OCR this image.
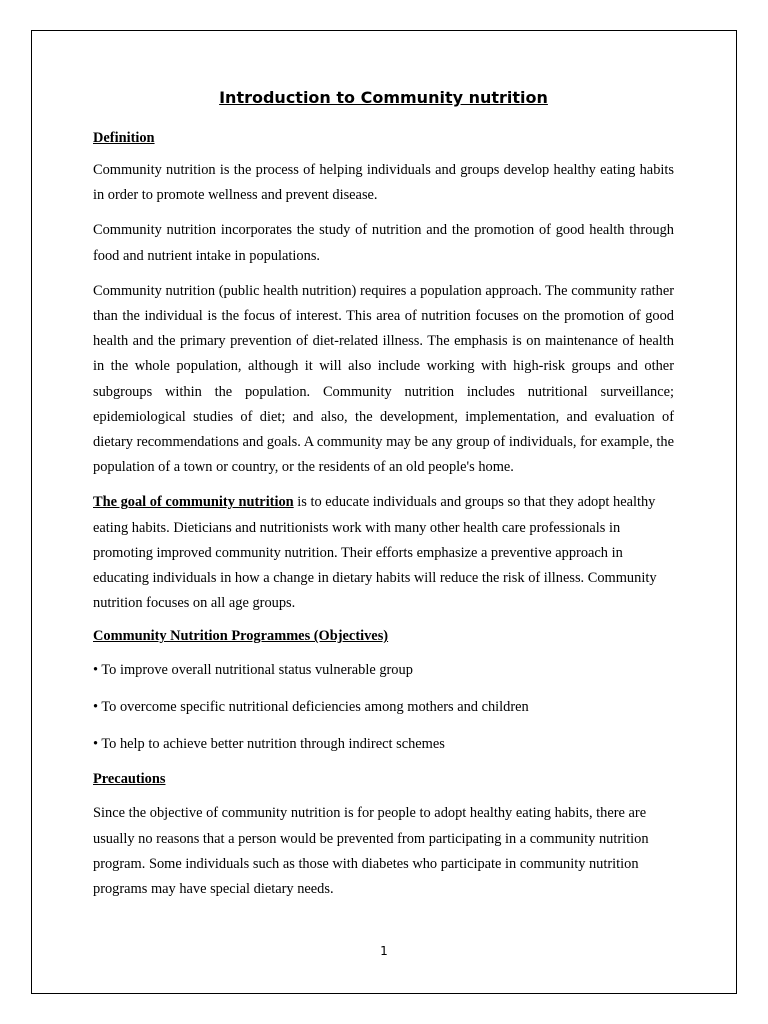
Introduction to Community nutrition
Definition

Community nutrition is the process of helping individuals and groups develop healthy eating habits in order to promote wellness and prevent disease.

Community nutrition incorporates the study of nutrition and the promotion of good health through food and nutrient intake in populations.

Community nutrition (public health nutrition) requires a population approach. The community rather than the individual is the focus of interest. This area of nutrition focuses on the promotion of good health and the primary prevention of diet-related illness. The emphasis is on maintenance of health in the whole population, although it will also include working with high-risk groups and other subgroups within the population. Community nutrition includes nutritional surveillance; epidemiological studies of diet; and also, the development, implementation, and evaluation of dietary recommendations and goals. A community may be any group of individuals, for example, the population of a town or country, or the residents of an old people's home.

The goal of community nutrition is to educate individuals and groups so that they adopt healthy eating habits. Dieticians and nutritionists work with many other health care professionals in promoting improved community nutrition. Their efforts emphasize a preventive approach in educating individuals in how a change in dietary habits will reduce the risk of illness. Community nutrition focuses on all age groups.

Community Nutrition Programmes (Objectives)
• To improve overall nutritional status vulnerable group
• To overcome specific nutritional deficiencies among mothers and children
• To help to achieve better nutrition through indirect schemes
Precautions

Since the objective of community nutrition is for people to adopt healthy eating habits, there are usually no reasons that a person would be prevented from participating in a community nutrition program. Some individuals such as those with diabetes who participate in community nutrition programs may have special dietary needs.

1
